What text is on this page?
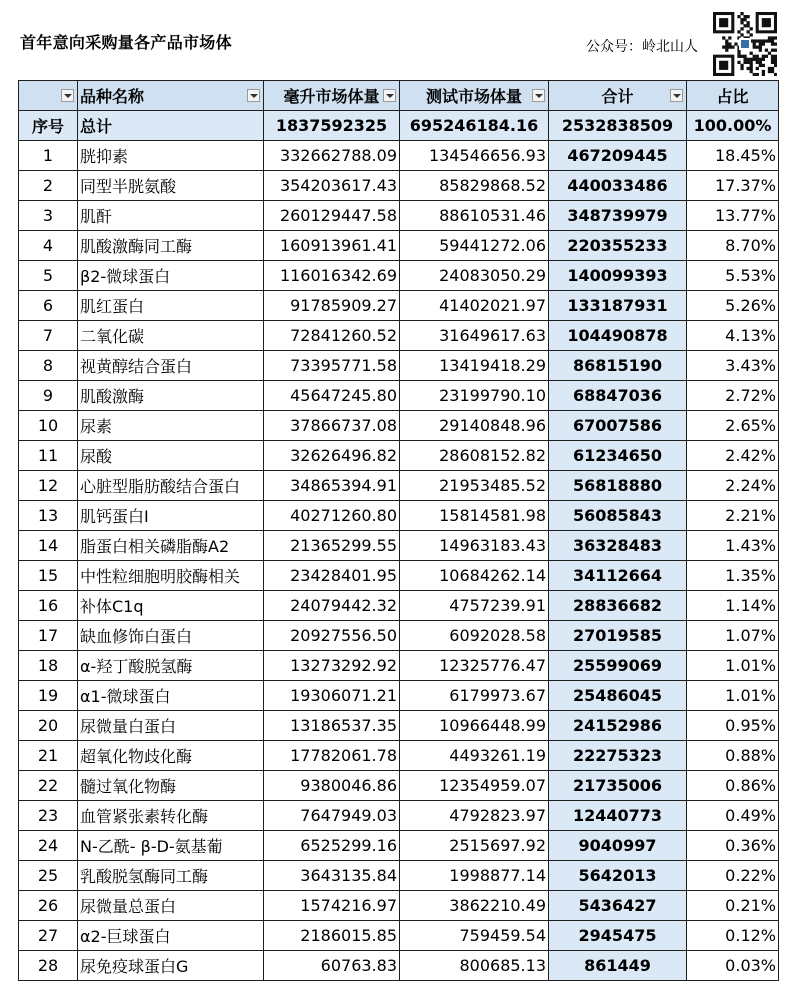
首年意向采购量各产品市场体	公众号：岭北山人
	品种名称	毫升市场体量	测试市场体量	合计	占比
序号	总计	1837592325	695246184.16	2532838509	100.00%
1	胱抑素	332662788.09	134546656.93	467209445	18.45%
2	同型半胱氨酸	354203617.43	85829868.52	440033486	17.37%
3	肌酐	260129447.58	88610531.46	348739979	13.77%
4	肌酸激酶同工酶	160913961.41	59441272.06	220355233	8.70%
5	β2-微球蛋白	116016342.69	24083050.29	140099393	5.53%
6	肌红蛋白	91785909.27	41402021.97	133187931	5.26%
7	二氧化碳	72841260.52	31649617.63	104490878	4.13%
8	视黄醇结合蛋白	73395771.58	13419418.29	86815190	3.43%
9	肌酸激酶	45647245.80	23199790.10	68847036	2.72%
10	尿素	37866737.08	29140848.96	67007586	2.65%
11	尿酸	32626496.82	28608152.82	61234650	2.42%
12	心脏型脂肪酸结合蛋白	34865394.91	21953485.52	56818880	2.24%
13	肌钙蛋白I	40271260.80	15814581.98	56085843	2.21%
14	脂蛋白相关磷脂酶A2	21365299.55	14963183.43	36328483	1.43%
15	中性粒细胞明胶酶相关	23428401.95	10684262.14	34112664	1.35%
16	补体C1q	24079442.32	4757239.91	28836682	1.14%
17	缺血修饰白蛋白	20927556.50	6092028.58	27019585	1.07%
18	α-羟丁酸脱氢酶	13273292.92	12325776.47	25599069	1.01%
19	α1-微球蛋白	19306071.21	6179973.67	25486045	1.01%
20	尿微量白蛋白	13186537.35	10966448.99	24152986	0.95%
21	超氧化物歧化酶	17782061.78	4493261.19	22275323	0.88%
22	髓过氧化物酶	9380046.86	12354959.07	21735006	0.86%
23	血管紧张素转化酶	7647949.03	4792823.97	12440773	0.49%
24	N-乙酰- β-D-氨基葡	6525299.16	2515697.92	9040997	0.36%
25	乳酸脱氢酶同工酶	3643135.84	1998877.14	5642013	0.22%
26	尿微量总蛋白	1574216.97	3862210.49	5436427	0.21%
27	α2-巨球蛋白	2186015.85	759459.54	2945475	0.12%
28	尿免疫球蛋白G	60763.83	800685.13	861449	0.03%
